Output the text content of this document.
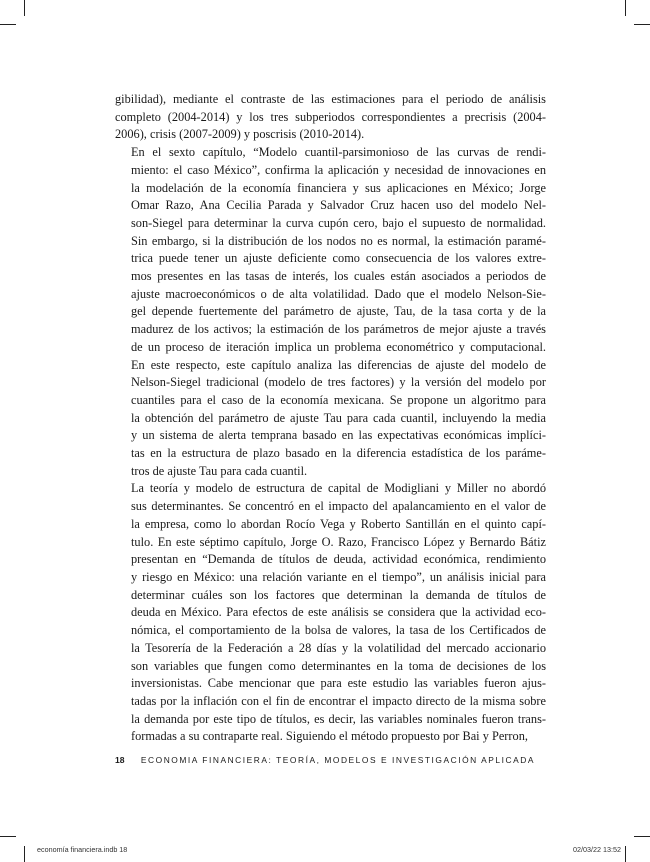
gibilidad), mediante el contraste de las estimaciones para el periodo de análisis
completo (2004-2014) y los tres subperiodos correspondientes a precrisis (2004-
2006), crisis (2007-2009) y poscrisis (2010-2014).
En el sexto capítulo, “Modelo cuantil-parsimonioso de las curvas de rendi-
miento: el caso México”, confirma la aplicación y necesidad de innovaciones en
la modelación de la economía financiera y sus aplicaciones en México; Jorge
Omar Razo, Ana Cecilia Parada y Salvador Cruz hacen uso del modelo Nel-
son-Siegel para determinar la curva cupón cero, bajo el supuesto de normalidad.
Sin embargo, si la distribución de los nodos no es normal, la estimación paramé-
trica puede tener un ajuste deficiente como consecuencia de los valores extre-
mos presentes en las tasas de interés, los cuales están asociados a periodos de
ajuste macroeconómicos o de alta volatilidad. Dado que el modelo Nelson-Sie-
gel depende fuertemente del parámetro de ajuste, Tau, de la tasa corta y de la
madurez de los activos; la estimación de los parámetros de mejor ajuste a través
de un proceso de iteración implica un problema econométrico y computacional.
En este respecto, este capítulo analiza las diferencias de ajuste del modelo de
Nelson-Siegel tradicional (modelo de tres factores) y la versión del modelo por
cuantiles para el caso de la economía mexicana. Se propone un algoritmo para
la obtención del parámetro de ajuste Tau para cada cuantil, incluyendo la media
y un sistema de alerta temprana basado en las expectativas económicas implíci-
tas en la estructura de plazo basado en la diferencia estadística de los paráme-
tros de ajuste Tau para cada cuantil.
La teoría y modelo de estructura de capital de Modigliani y Miller no abordó
sus determinantes. Se concentró en el impacto del apalancamiento en el valor de
la empresa, como lo abordan Rocío Vega y Roberto Santillán en el quinto capí-
tulo. En este séptimo capítulo, Jorge O. Razo, Francisco López y Bernardo Bátiz
presentan en “Demanda de títulos de deuda, actividad económica, rendimiento
y riesgo en México: una relación variante en el tiempo”, un análisis inicial para
determinar cuáles son los factores que determinan la demanda de títulos de
deuda en México. Para efectos de este análisis se considera que la actividad eco-
nómica, el comportamiento de la bolsa de valores, la tasa de los Certificados de
la Tesorería de la Federación a 28 días y la volatilidad del mercado accionario
son variables que fungen como determinantes en la toma de decisiones de los
inversionistas. Cabe mencionar que para este estudio las variables fueron ajus-
tadas por la inflación con el fin de encontrar el impacto directo de la misma sobre
la demanda por este tipo de títulos, es decir, las variables nominales fueron trans-
formadas a su contraparte real. Siguiendo el método propuesto por Bai y Perron,
18 ECONOMIA FINANCIERA: TEORÍA, MODELOS E INVESTIGACIÓN APLICADA
economía financiera.indb 18	02/03/22 13:52
